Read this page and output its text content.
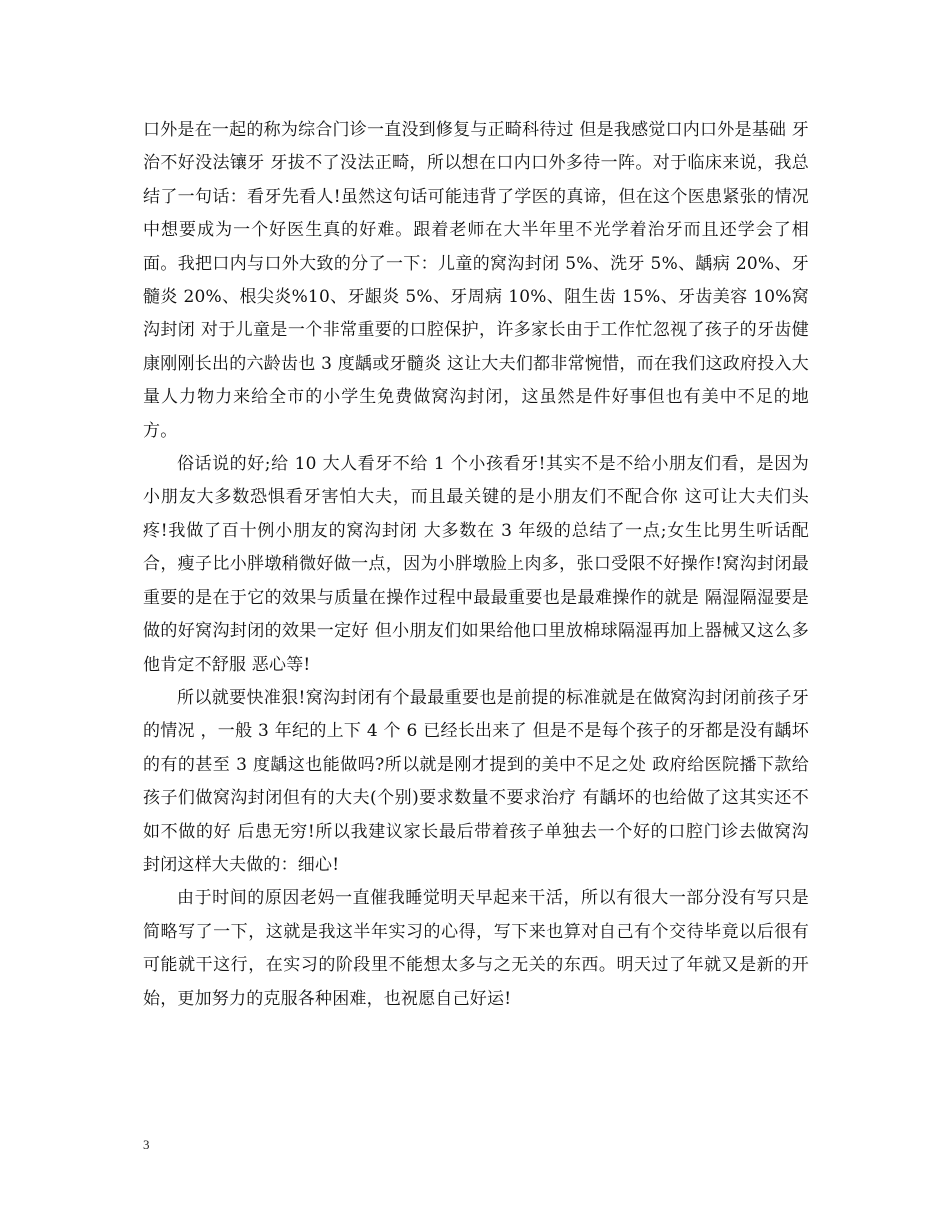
口外是在一起的称为综合门诊一直没到修复与正畸科待过 但是我感觉口内口外是基础 牙治不好没法镶牙 牙拔不了没法正畸，所以想在口内口外多待一阵。对于临床来说，我总结了一句话：看牙先看人!虽然这句话可能违背了学医的真谛，但在这个医患紧张的情况中想要成为一个好医生真的好难。跟着老师在大半年里不光学着治牙而且还学会了相面。我把口内与口外大致的分了一下：儿童的窝沟封闭 5%、洗牙 5%、龋病 20%、牙髓炎 20%、根尖炎%10、牙龈炎 5%、牙周病 10%、阻生齿 15%、牙齿美容 10%窝沟封闭 对于儿童是一个非常重要的口腔保护，许多家长由于工作忙忽视了孩子的牙齿健康刚刚长出的六龄齿也 3 度龋或牙髓炎 这让大夫们都非常惋惜，而在我们这政府投入大量人力物力来给全市的小学生免费做窝沟封闭，这虽然是件好事但也有美中不足的地方。

俗话说的好;给 10 大人看牙不给 1 个小孩看牙!其实不是不给小朋友们看，是因为小朋友大多数恐惧看牙害怕大夫，而且最关键的是小朋友们不配合你 这可让大夫们头疼!我做了百十例小朋友的窝沟封闭 大多数在 3 年级的总结了一点;女生比男生听话配合，瘦子比小胖墩稍微好做一点，因为小胖墩脸上肉多，张口受限不好操作!窝沟封闭最重要的是在于它的效果与质量在操作过程中最最重要也是最难操作的就是 隔湿隔湿要是做的好窝沟封闭的效果一定好 但小朋友们如果给他口里放棉球隔湿再加上器械又这么多他肯定不舒服 恶心等!

所以就要快准狠!窝沟封闭有个最最重要也是前提的标准就是在做窝沟封闭前孩子牙的情况 ，一般 3 年纪的上下 4 个 6 已经长出来了 但是不是每个孩子的牙都是没有龋坏的有的甚至 3 度龋这也能做吗?所以就是刚才提到的美中不足之处 政府给医院播下款给孩子们做窝沟封闭但有的大夫(个别)要求数量不要求治疗 有龋坏的也给做了这其实还不如不做的好 后患无穷!所以我建议家长最后带着孩子单独去一个好的口腔门诊去做窝沟封闭这样大夫做的：细心!

由于时间的原因老妈一直催我睡觉明天早起来干活，所以有很大一部分没有写只是简略写了一下，这就是我这半年实习的心得，写下来也算对自己有个交待毕竟以后很有可能就干这行，在实习的阶段里不能想太多与之无关的东西。明天过了年就又是新的开始，更加努力的克服各种困难，也祝愿自己好运!

3
